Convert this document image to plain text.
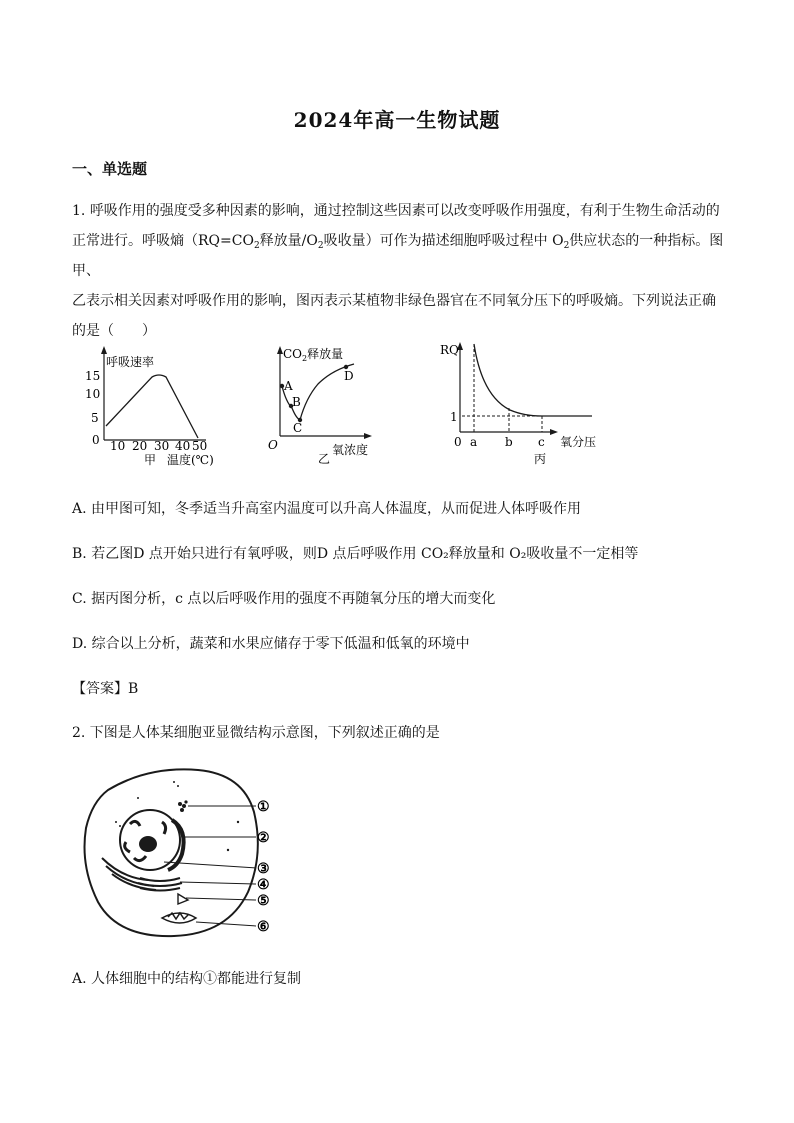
2024年高一生物试题
一、单选题
1. 呼吸作用的强度受多种因素的影响，通过控制这些因素可以改变呼吸作用强度，有利于生物生命活动的
正常进行。呼吸熵（$RQ=CO_2$释放量$/O_2$吸收量）可作为描述细胞呼吸过程中 $O_2$供应状态的一种指标。图甲、
乙表示相关因素对呼吸作用的影响，图丙表示某植物非绿色器官在不同氧分压下的呼吸熵。下列说法正确
的是（　　）
呼吸速率
15
10
5
0 10 20 30 40 50
甲 温度(℃)
$CO_2$释放量
A
B
C
D
O	氧浓度
乙
RQ
1
0 a b c 氧分压
丙
A. 由甲图可知，冬季适当升高室内温度可以升高人体温度，从而促进人体呼吸作用
B. 若乙图D 点开始只进行有氧呼吸，则D 点后呼吸作用 CO₂释放量和 O₂吸收量不一定相等
C. 据丙图分析，c 点以后呼吸作用的强度不再随氧分压的增大而变化
D. 综合以上分析，蔬菜和水果应储存于零下低温和低氧的环境中
【答案】B
2. 下图是人体某细胞亚显微结构示意图，下列叙述正确的是
①
②
③
④
⑤
⑥
A. 人体细胞中的结构①都能进行复制
